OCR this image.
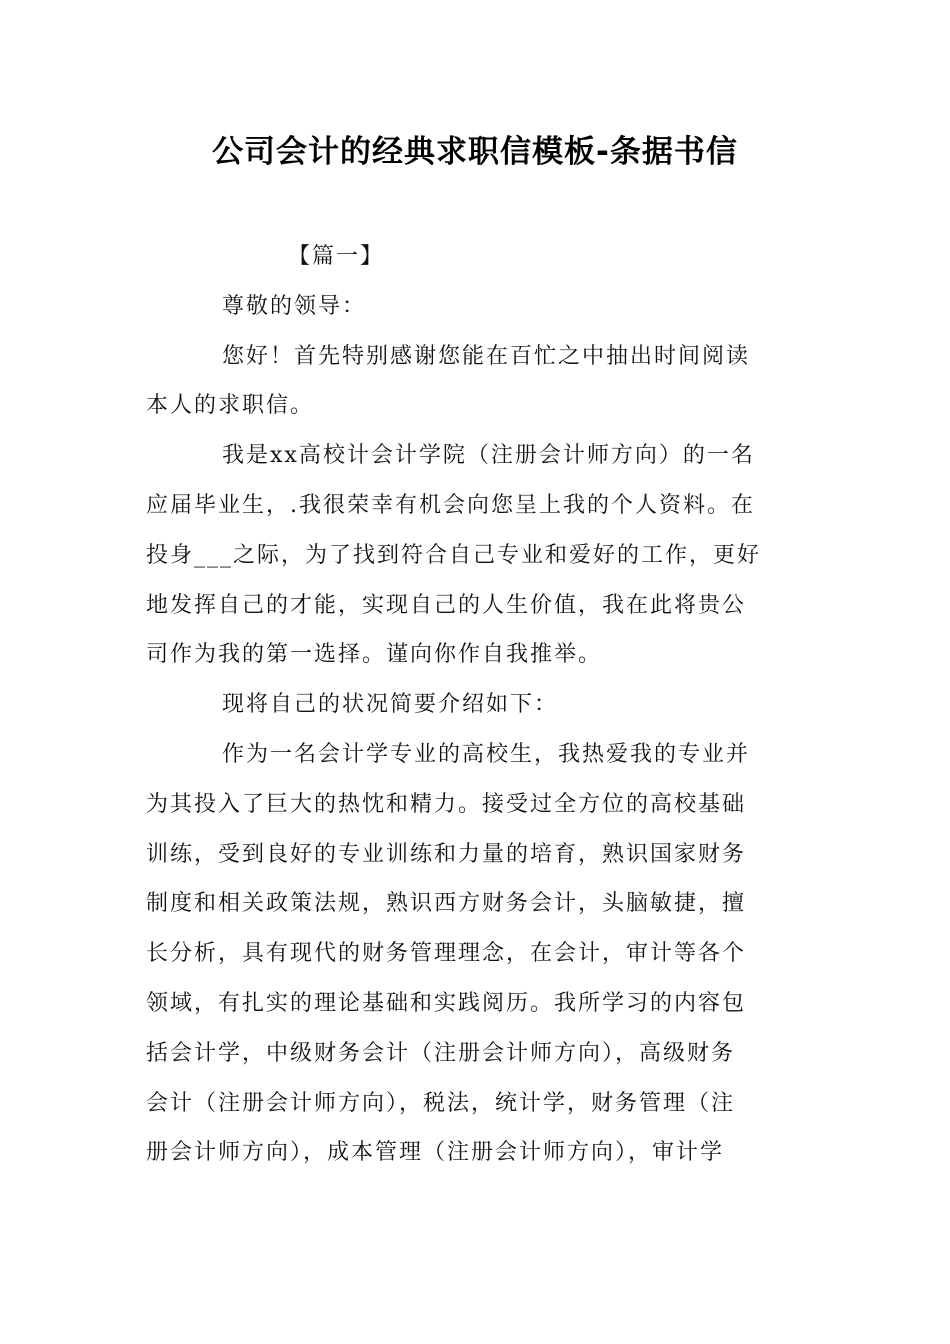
公司会计的经典求职信模板-条据书信
【篇一】
尊敬的领导：
您好！首先特别感谢您能在百忙之中抽出时间阅读
本人的求职信。
我是xx高校计会计学院（注册会计师方向）的一名
应届毕业生，.我很荣幸有机会向您呈上我的个人资料。在
投身___之际，为了找到符合自己专业和爱好的工作，更好
地发挥自己的才能，实现自己的人生价值，我在此将贵公
司作为我的第一选择。谨向你作自我推举。
现将自己的状况简要介绍如下：
作为一名会计学专业的高校生，我热爱我的专业并
为其投入了巨大的热忱和精力。接受过全方位的高校基础
训练，受到良好的专业训练和力量的培育，熟识国家财务
制度和相关政策法规，熟识西方财务会计，头脑敏捷，擅
长分析，具有现代的财务管理理念，在会计，审计等各个
领域，有扎实的理论基础和实践阅历。我所学习的内容包
括会计学，中级财务会计（注册会计师方向），高级财务
会计（注册会计师方向），税法，统计学，财务管理（注
册会计师方向），成本管理（注册会计师方向），审计学
